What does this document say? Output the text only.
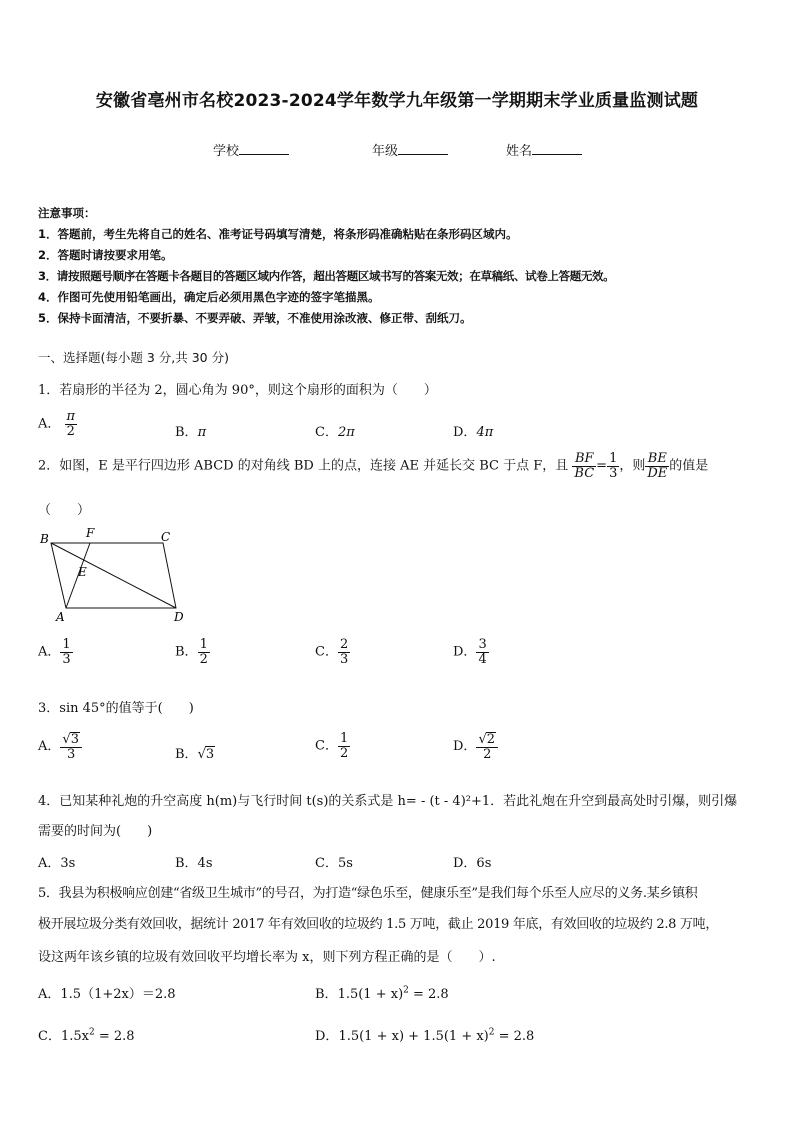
安徽省亳州市名校2023-2024学年数学九年级第一学期期末学业质量监测试题
学校	年级	姓名
注意事项：
1．答题前，考生先将自己的姓名、准考证号码填写清楚，将条形码准确粘贴在条形码区域内。
2．答题时请按要求用笔。
3．请按照题号顺序在答题卡各题目的答题区域内作答，超出答题区域书写的答案无效；在草稿纸、试卷上答题无效。
4．作图可先使用铅笔画出，确定后必须用黑色字迹的签字笔描黑。
5．保持卡面清洁，不要折暴、不要弄破、弄皱，不准使用涂改液、修正带、刮纸刀。
一、选择题(每小题 3 分,共 30 分)
1．若扇形的半径为 2，圆心角为 90°，则这个扇形的面积为（　　）
A． $\frac{\pi}{2}$	B．π	C．2π	D．4π
2．如图，E 是平行四边形 ABCD 的对角线 BD 上的点，连接 AE 并延长交 BC 于点 F，且 $\frac{BF}{BC} = \frac{1}{3}$ ，则 $\frac{BE}{DE}$ 的值是
（　　）
B	F	C
E
A	D
A． $\frac{1}{3}$	B． $\frac{1}{2}$	C． $\frac{2}{3}$	D． $\frac{3}{4}$
3．sin 45°的值等于(　　)
A． $\frac{√3}{3}$	B．√3
C． $\frac{1}{2}$	D． $\frac{√2}{2}$
4．已知某种礼炮的升空高度 h(m)与飞行时间 t(s)的关系式是 h= - (t - 4)²+1．若此礼炮在升空到最高处时引爆，则引爆
需要的时间为(　　)
A．3s	B．4s	C．5s	D．6s
5．我县为积极响应创建“省级卫生城市”的号召，为打造“绿色乐至，健康乐至”是我们每个乐至人应尽的义务.某乡镇积
极开展垃圾分类有效回收，据统计 2017 年有效回收的垃圾约 1.5 万吨，截止 2019 年底，有效回收的垃圾约 2.8 万吨，
设这两年该乡镇的垃圾有效回收平均增长率为 x，则下列方程正确的是（　　）.
A．1.5（1+2x）＝2.8	B．$1.5(1 + x)^2 = 2.8$
C．$1.5x^2 = 2.8$	D．$1.5(1 + x) + 1.5(1 + x)^2 = 2.8$
